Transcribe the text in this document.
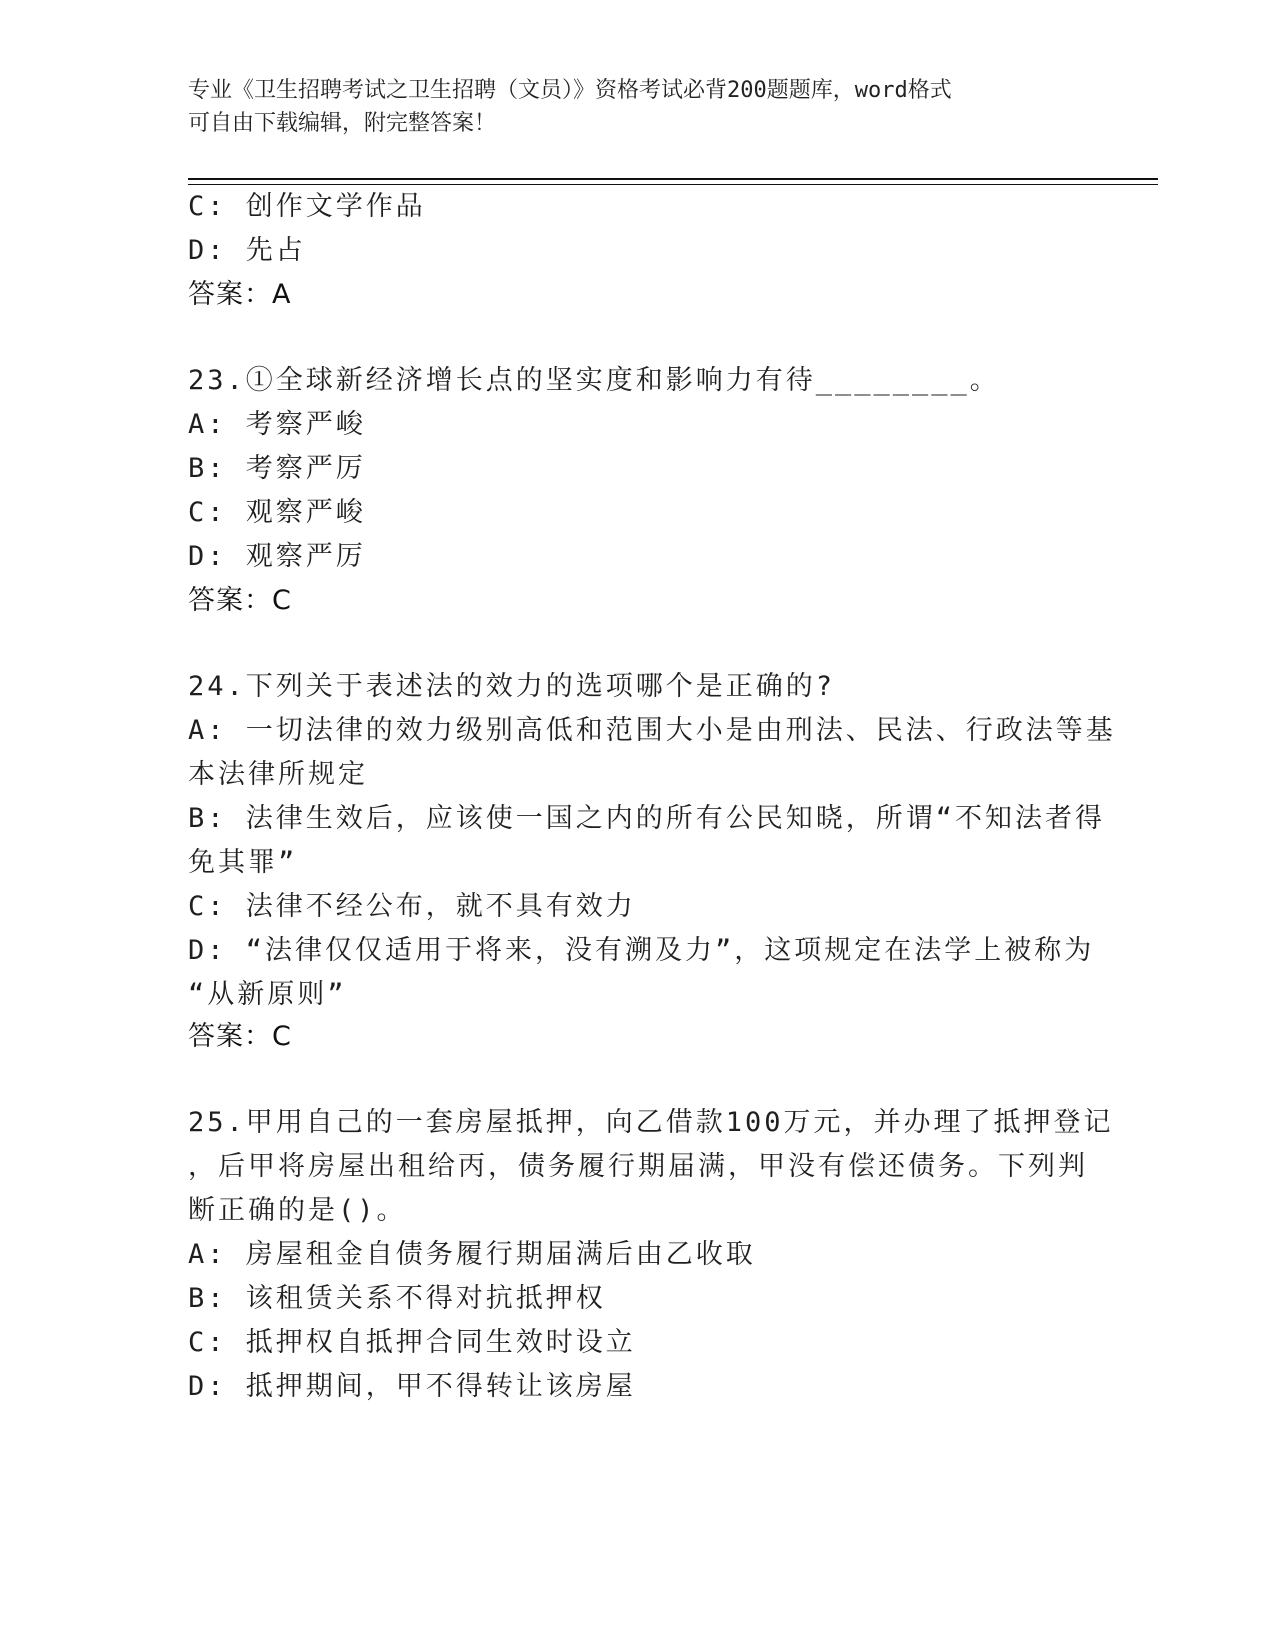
专业《卫生招聘考试之卫生招聘（文员）》资格考试必背200题题库，word格式
可自由下载编辑，附完整答案！
C: 创作文学作品
D: 先占
答案：A
23.①全球新经济增长点的坚实度和影响力有待________。
A: 考察严峻
B: 考察严厉
C: 观察严峻
D: 观察严厉
答案：C
24.下列关于表述法的效力的选项哪个是正确的?
A: 一切法律的效力级别高低和范围大小是由刑法、民法、行政法等基
本法律所规定
B: 法律生效后，应该使一国之内的所有公民知晓，所谓“不知法者得
免其罪”
C: 法律不经公布，就不具有效力
D: “法律仅仅适用于将来，没有溯及力”，这项规定在法学上被称为
“从新原则”
答案：C
25.甲用自己的一套房屋抵押，向乙借款100万元，并办理了抵押登记
，后甲将房屋出租给丙，债务履行期届满，甲没有偿还债务。下列判
断正确的是()。
A: 房屋租金自债务履行期届满后由乙收取
B: 该租赁关系不得对抗抵押权
C: 抵押权自抵押合同生效时设立
D: 抵押期间，甲不得转让该房屋
